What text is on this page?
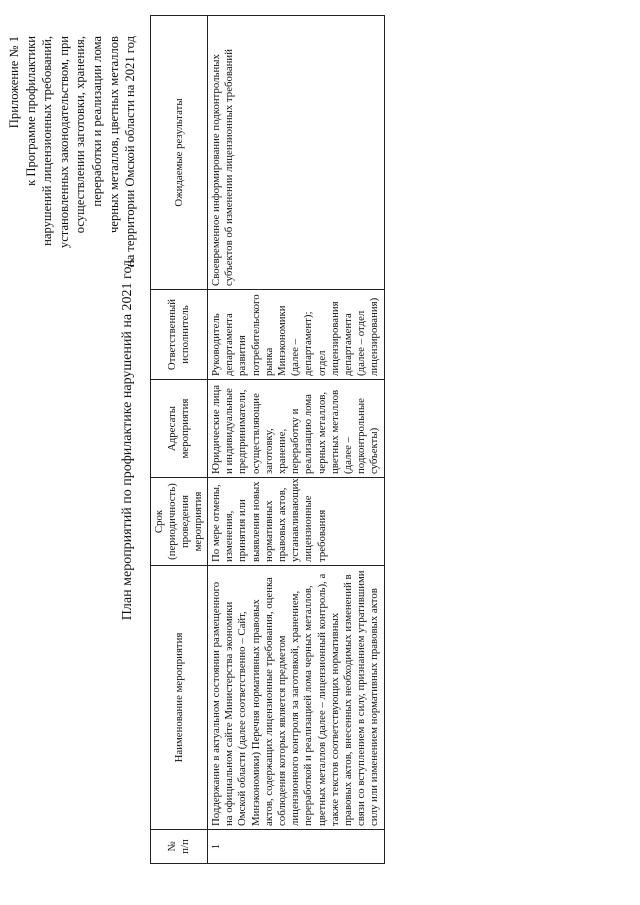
Приложение № 1
к Программе профилактики
нарушений лицензионных требований,
установленных законодательством, при
осуществлении заготовки, хранения,
переработки и реализации лома
черных металлов, цветных металлов
на территории Омской области на 2021 год
План мероприятий по профилактике нарушений на 2021 год
№
п/п	Наименование мероприятия	Срок
(периодичность)
проведения
мероприятия	Адресаты
мероприятия	Ответственный
исполнитель	Ожидаемые результаты
1	Поддержание в актуальном состоянии размещенного на официальном сайте Министерства экономики Омской области (далее соответственно – Сайт, Минэкономики) Перечня нормативных правовых актов, содержащих лицензионные требования, оценка соблюдения которых является предметом лицензионного контроля за заготовкой, хранением, переработкой и реализацией лома черных металлов, цветных металлов (далее – лицензионный контроль), а также текстов соответствующих нормативных правовых актов, внесенных необходимых изменений в связи со вступлением в силу, признанием утратившими силу или изменением нормативных правовых актов	По мере отмены, изменения, принятия или выявления новых нормативных правовых актов, устанавливающих лицензионные требования	Юридические лица и индивидуальные предприниматели, осуществляющие заготовку, хранение, переработку и реализацию лома черных металлов, цветных металлов (далее – подконтрольные субъекты)	Руководитель департамента развития потребительского рынка Минэкономики (далее – департамент); отдел лицензирования департамента (далее – отдел лицензирования)	Своевременное информирование подконтрольных субъектов об изменении лицензионных требований
